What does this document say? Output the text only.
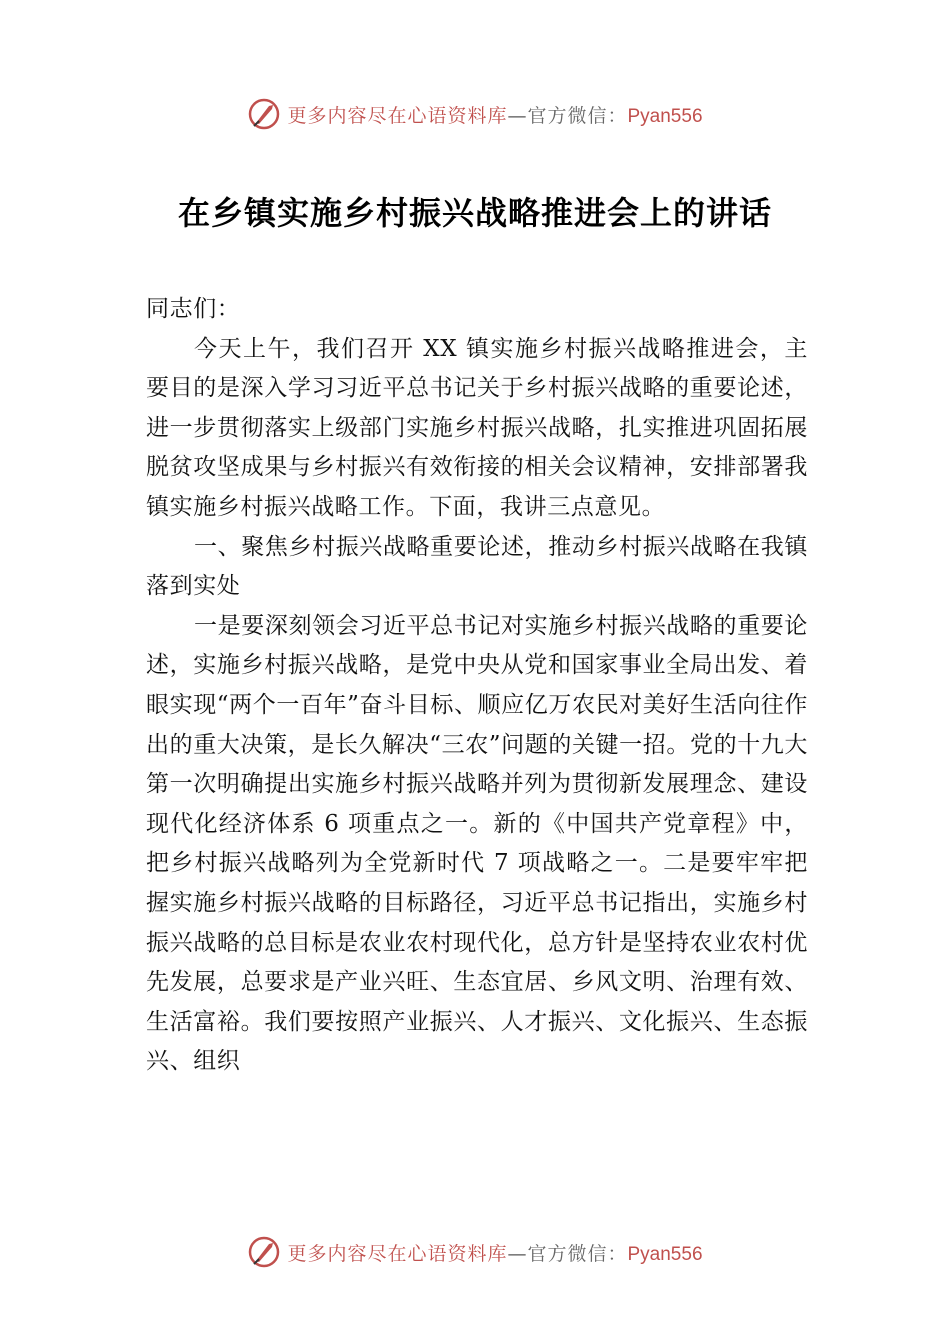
更多内容尽在心语资料库—官方微信：Pyan556
在乡镇实施乡村振兴战略推进会上的讲话

同志们：

今天上午，我们召开 XX 镇实施乡村振兴战略推进会，主要目的是深入学习习近平总书记关于乡村振兴战略的重要论述，进一步贯彻落实上级部门实施乡村振兴战略，扎实推进巩固拓展脱贫攻坚成果与乡村振兴有效衔接的相关会议精神，安排部署我镇实施乡村振兴战略工作。下面，我讲三点意见。

一、聚焦乡村振兴战略重要论述，推动乡村振兴战略在我镇落到实处

一是要深刻领会习近平总书记对实施乡村振兴战略的重要论述，实施乡村振兴战略，是党中央从党和国家事业全局出发、着眼实现“两个一百年”奋斗目标、顺应亿万农民对美好生活向往作出的重大决策，是长久解决“三农”问题的关键一招。党的十九大第一次明确提出实施乡村振兴战略并列为贯彻新发展理念、建设现代化经济体系 6 项重点之一。新的《中国共产党章程》中，把乡村振兴战略列为全党新时代 7 项战略之一。二是要牢牢把握实施乡村振兴战略的目标路径，习近平总书记指出，实施乡村振兴战略的总目标是农业农村现代化，总方针是坚持农业农村优先发展，总要求是产业兴旺、生态宜居、乡风文明、治理有效、生活富裕。我们要按照产业振兴、人才振兴、文化振兴、生态振兴、组织

更多内容尽在心语资料库—官方微信：Pyan556
